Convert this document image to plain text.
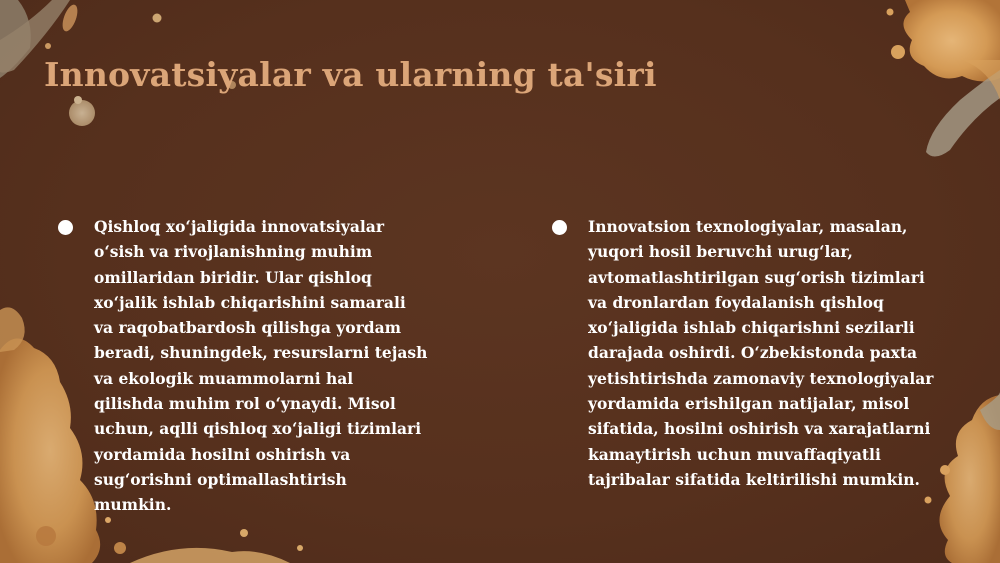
Innovatsiyalar va ularning ta'siri

Qishloq xo‘jaligida innovatsiyalar
o‘sish va rivojlanishning muhim
omillaridan biridir. Ular qishloq
xo‘jalik ishlab chiqarishini samarali
va raqobatbardosh qilishga yordam
beradi, shuningdek, resurslarni tejash
va ekologik muammolarni hal
qilishda muhim rol o‘ynaydi. Misol
uchun, aqlli qishloq xo‘jaligi tizimlari
yordamida hosilni oshirish va
sug‘orishni optimallashtirish
mumkin.

Innovatsion texnologiyalar, masalan,
yuqori hosil beruvchi urug‘lar,
avtomatlashtirilgan sug‘orish tizimlari
va dronlardan foydalanish qishloq
xo‘jaligida ishlab chiqarishni sezilarli
darajada oshirdi. O‘zbekistonda paxta
yetishtirishda zamonaviy texnologiyalar
yordamida erishilgan natijalar, misol
sifatida, hosilni oshirish va xarajatlarni
kamaytirish uchun muvaffaqiyatli
tajribalar sifatida keltirilishi mumkin.
